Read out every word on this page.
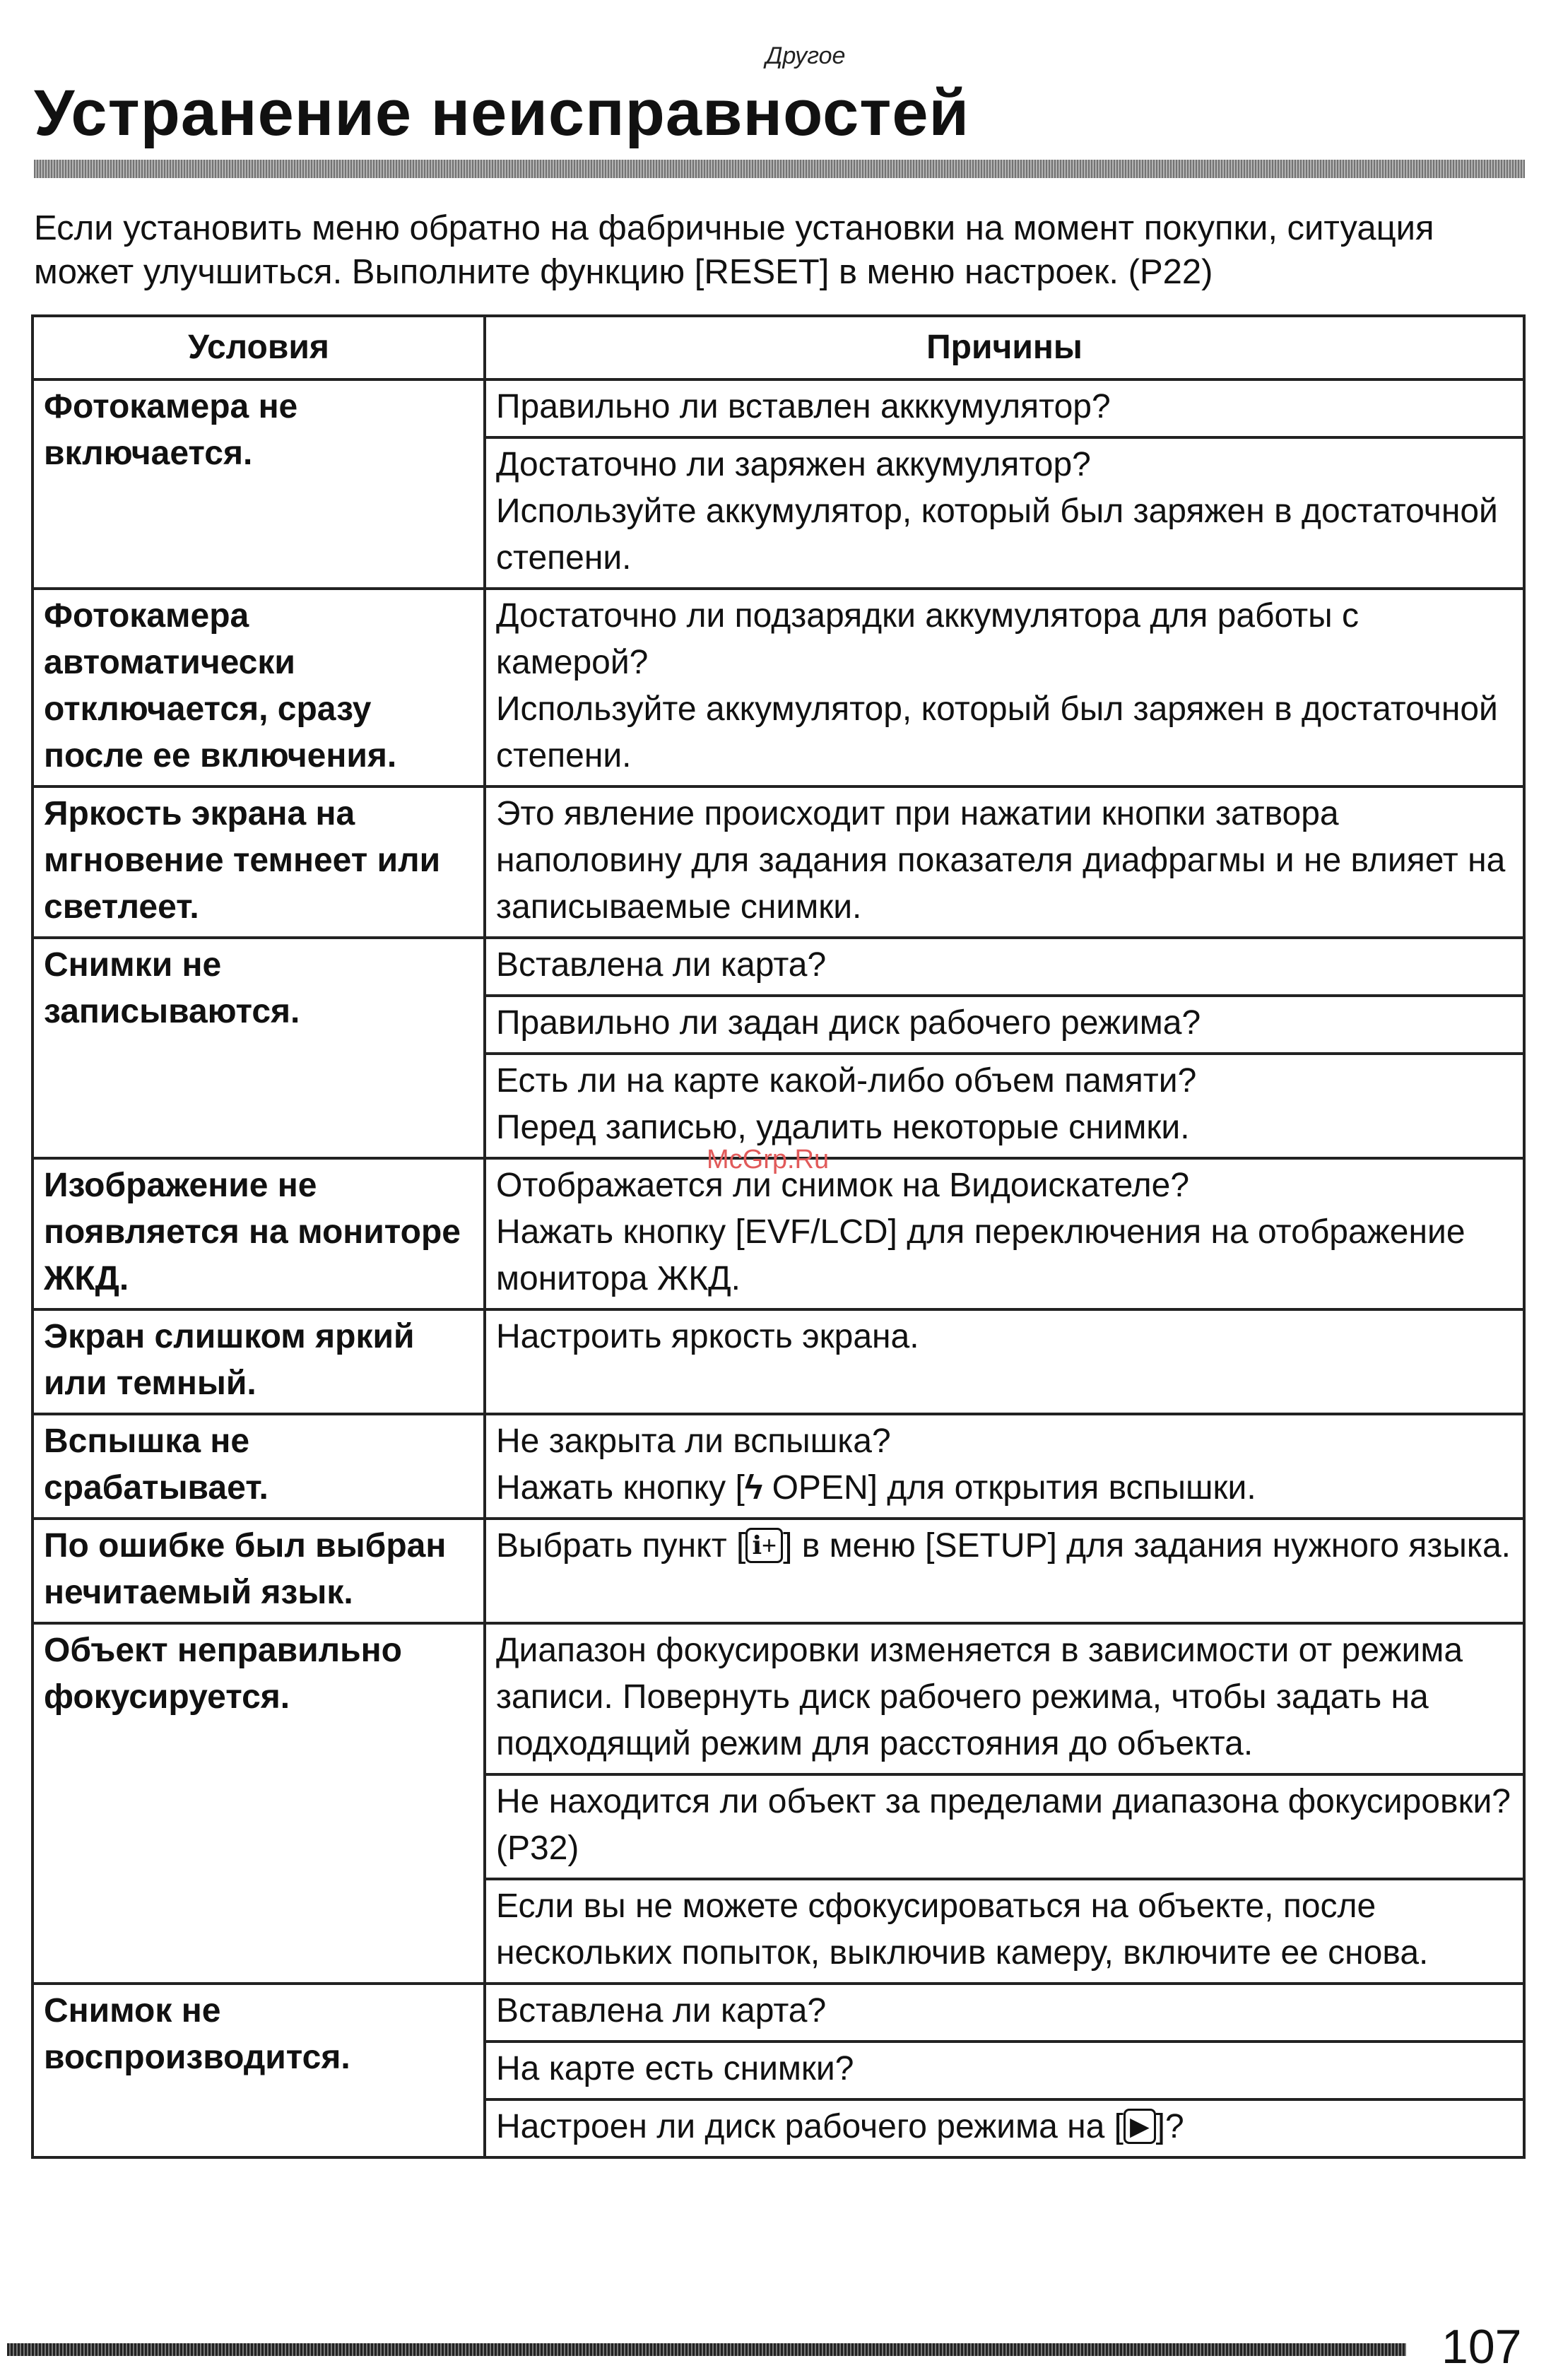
Другое
Устранение неисправностей

Если установить меню обратно на фабричные установки на момент покупки, ситуация может улучшиться. Выполните функцию [RESET] в меню настроек. (P22)

Условия	Причины
Фотокамера не включается.	Правильно ли вставлен акккумулятор?

	Достаточно ли заряжен аккумулятор?
Используйте аккумулятор, который был заряжен в достаточной степени.

Фотокамера автоматически отключается, сразу после ее включения.	Достаточно ли подзарядки аккумулятора для работы с камерой?
Используйте аккумулятор, который был заряжен в достаточной степени.

Яркость экрана на мгновение темнеет или светлеет.	Это явление происходит при нажатии кнопки затвора наполовину для задания показателя диафрагмы и не влияет на записываемые снимки.

Снимки не записываются.	Вставлена ли карта?

	Правильно ли задан диск рабочего режима?

	Есть ли на карте какой-либо объем памяти?
Перед записью, удалить некоторые снимки.

Изображение не появляется на мониторе ЖКД.	Отображается ли снимок на Видоискателе?
Нажать кнопку [EVF/LCD] для переключения на отображение монитора ЖКД.

Экран слишком яркий или темный.	Настроить яркость экрана.

Вспышка не срабатывает.	Не закрыта ли вспышка?
Нажать кнопку [ϟ OPEN] для открытия вспышки.

По ошибке был выбран нечитаемый язык.	Выбрать пункт [ ℹ+ ] в меню [SETUP] для задания нужного языка.

Объект неправильно фокусируется.	Диапазон фокусировки изменяется в зависимости от режима записи. Повернуть диск рабочего режима, чтобы задать на подходящий режим для расстояния до объекта.

	Не находится ли объект за пределами диапазона фокусировки? (P32)

	Если вы не можете сфокусироваться на объекте, после нескольких попыток, выключив камеру, включите ее снова.

Снимок не воспроизводится.	Вставлена ли карта?

	На карте есть снимки?

	Настроен ли диск рабочего режима на [ ▶ ]?
McGrp.Ru
107
